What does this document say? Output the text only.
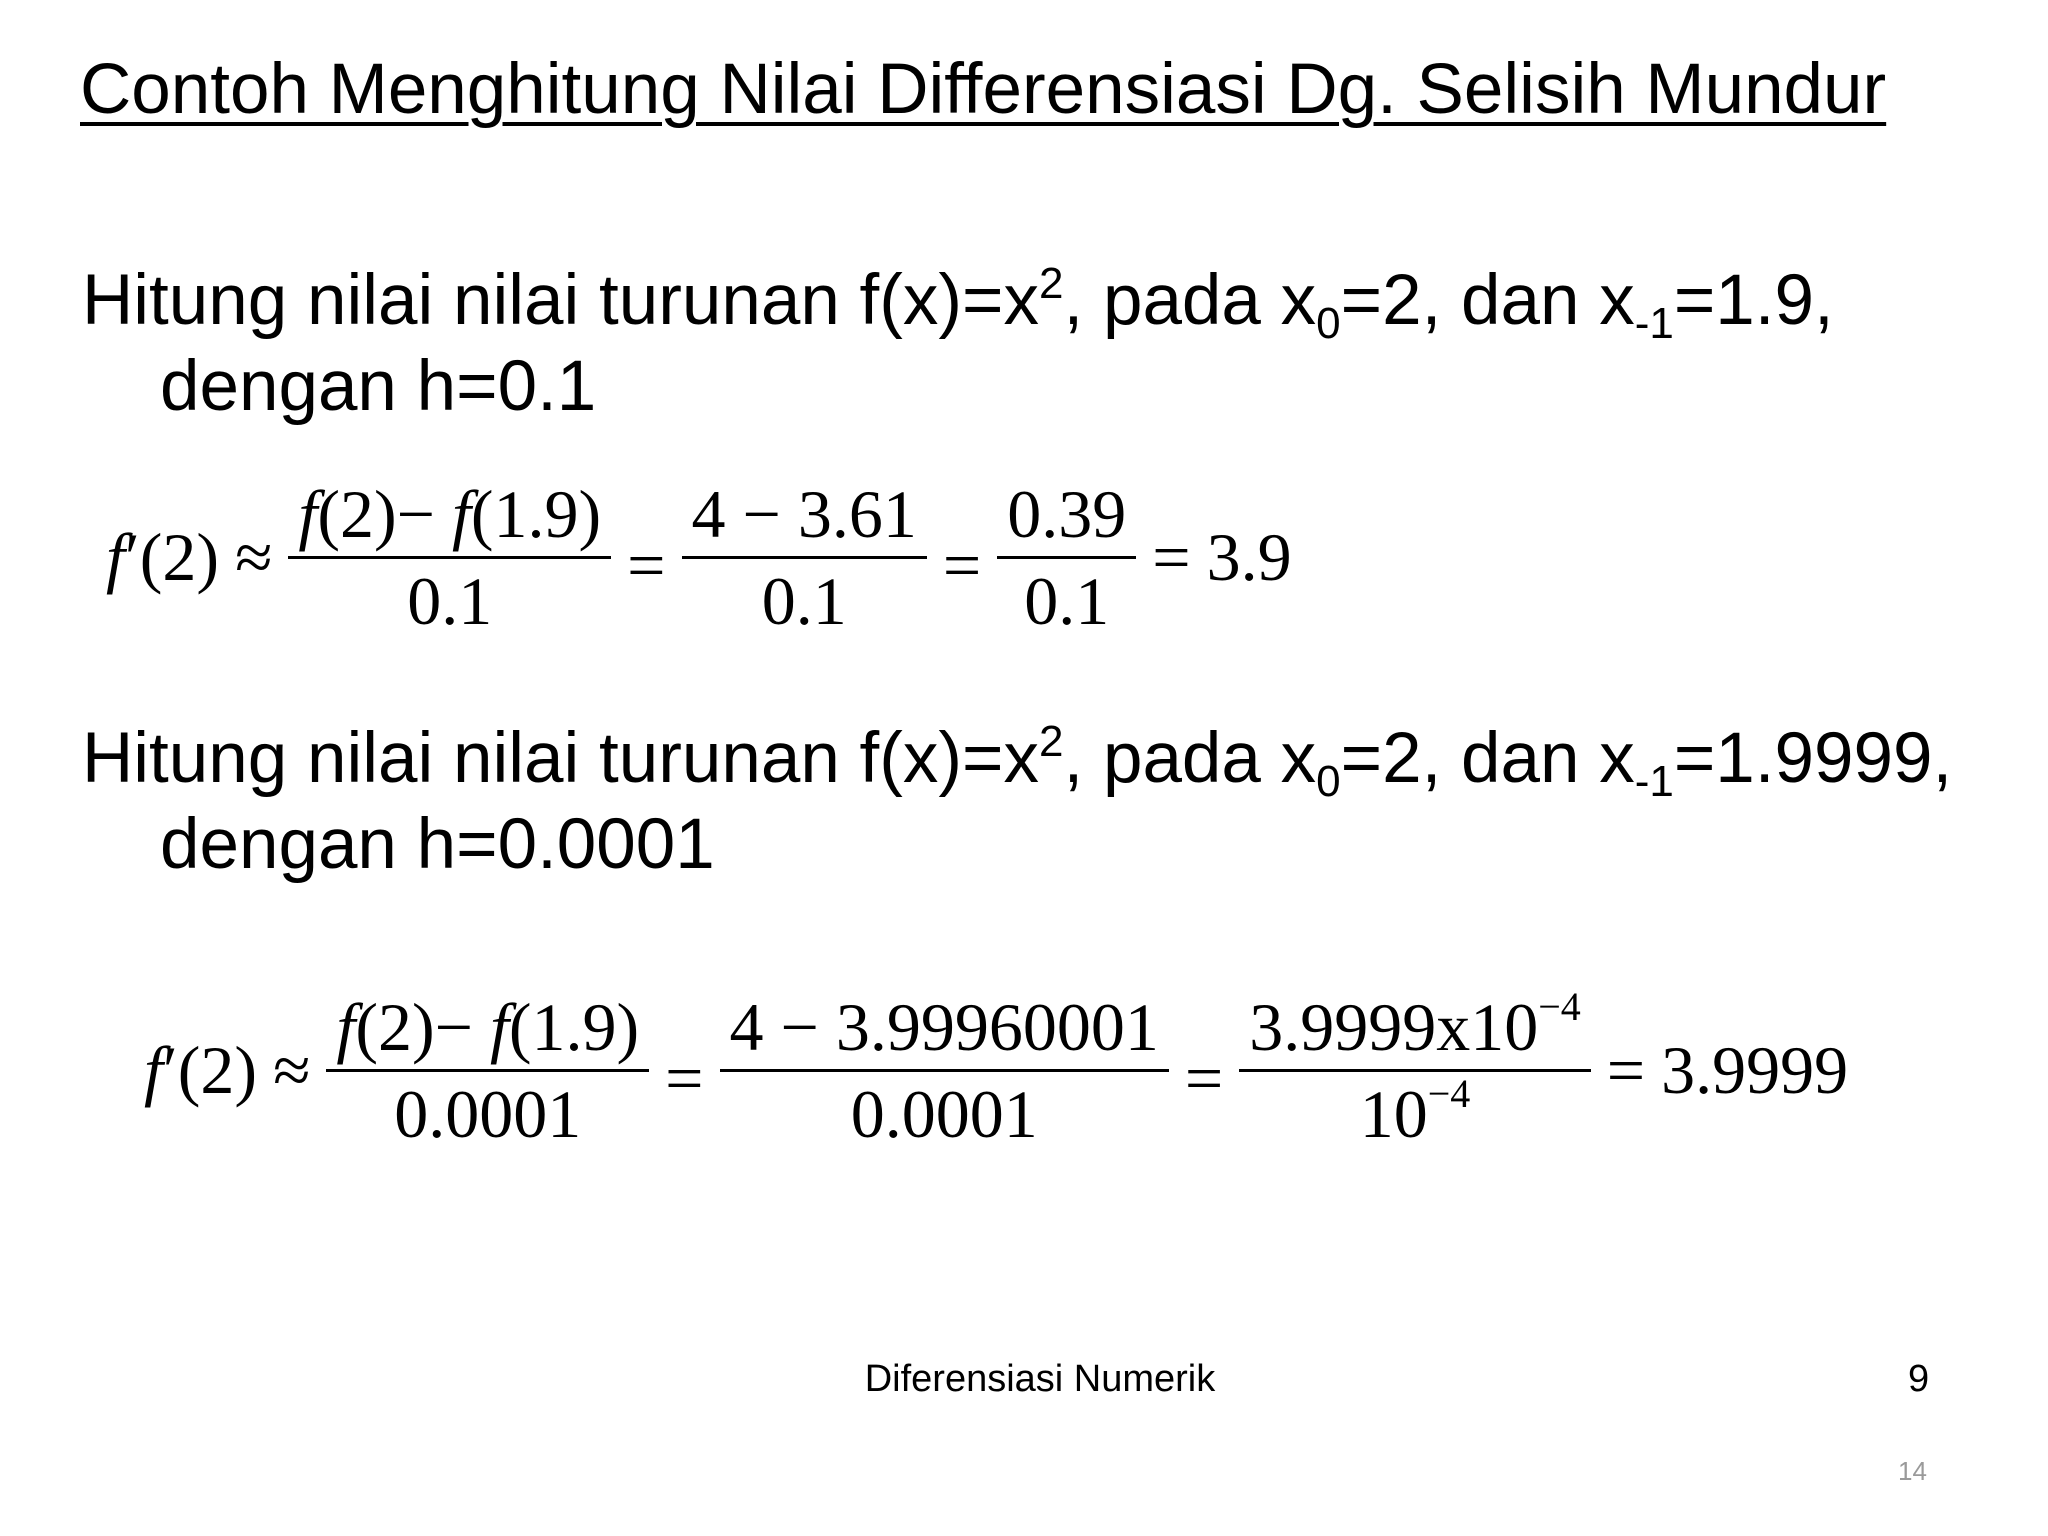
Contoh Menghitung Nilai Differensiasi Dg. Selisih Mundur
Hitung nilai nilai turunan $f(x)=x^2$, pada $x_0=2$, dan $x_{-1}=1.9$,
dengan h=0.1
$f'(2) \approx \frac{f(2)- f(1.9)}{0.1} = \frac{4 - 3.61}{0.1} = \frac{0.39}{0.1} = 3.9$
Hitung nilai nilai turunan $f(x)=x^2$, pada $x_0=2$, dan $x_{-1}=1.9999$,
dengan h=0.0001
$f'(2) \approx \frac{f(2)- f(1.9)}{0.0001} = \frac{4 - 3.99960001}{0.0001} = \frac{3.9999x10^{-4}}{10^{-4}} = 3.9999$
Diferensiasi Numerik	9
14
